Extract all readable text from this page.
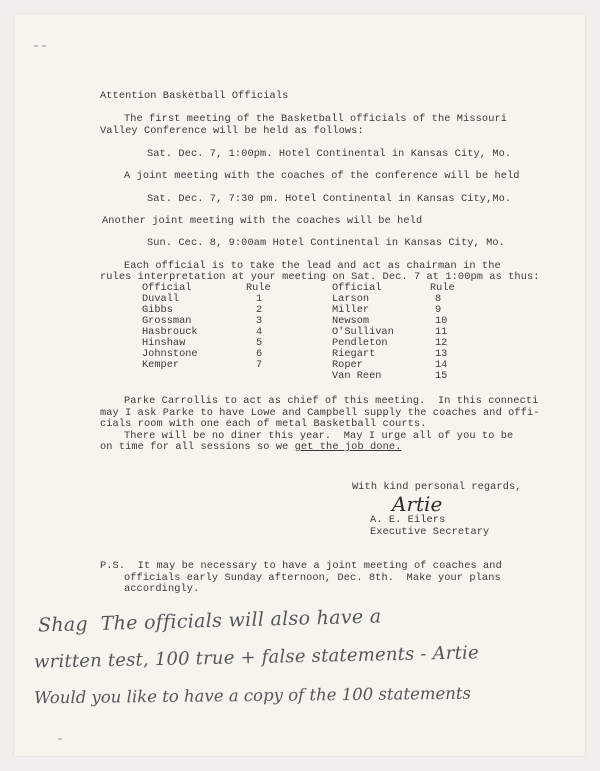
Attention Basketball Officials
The first meeting of the Basketball officials of the Missouri
Valley Conference will be held as follows:
Sat. Dec. 7, 1:00pm. Hotel Continental in Kansas City, Mo.
A joint meeting with the coaches of the conference will be held
Sat. Dec. 7, 7:30 pm. Hotel Continental in Kansas City,Mo.
Another joint meeting with the coaches will be held
Sun. Cec. 8, 9:00am Hotel Continental in Kansas City, Mo.
Each official is to take the lead and act as chairman in the
rules interpretation at your meeting on Sat. Dec. 7 at 1:00pm as thus:
Official	Rule
Duvall	1
Gibbs	2
Grossman	3
Hasbrouck	4
Hinshaw	5
Johnstone	6
Kemper	7
Official	Rule
Larson	8
Miller	9
Newsom	10
O'Sullivan	11
Pendleton	12
Riegart	13
Roper	14
Van Reen	15
Parke Carrollis to act as chief of this meeting.  In this connecti
may I ask Parke to have Lowe and Campbell supply the coaches and offi-
cials room with one each of metal Basketball courts.
There will be no diner this year.  May I urge all of you to be
on time for all sessions so we get the job done.
With kind personal regards,
Artie
A. E. Eilers
Executive Secretary
P.S.  It may be necessary to have a joint meeting of coaches and
officials early Sunday afternoon, Dec. 8th.  Make your plans
accordingly.
Shag  The officials will also have a
written test, 100 true + false statements - Artie
Would you like to have a copy of the 100 statements
